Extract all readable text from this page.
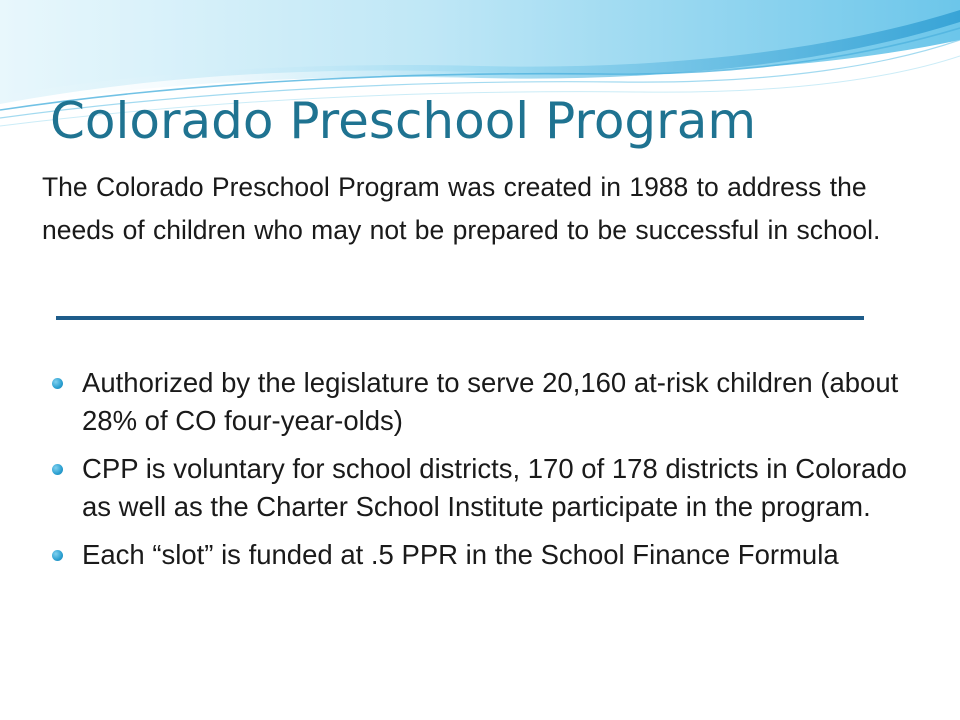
Colorado Preschool Program

The Colorado Preschool Program was created in 1988 to address the needs of children who may not be prepared to be successful in school.

Authorized by the legislature to serve 20,160 at-risk children (about 28% of CO four-year-olds)
CPP is voluntary for school districts, 170 of 178 districts in Colorado as well as the Charter School Institute participate in the program.
Each “slot” is funded at .5 PPR in the School Finance Formula
